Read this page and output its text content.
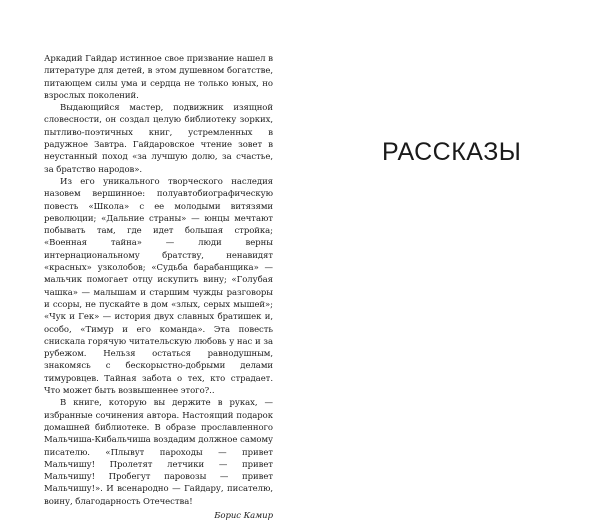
Аркадий Гайдар истинное свое призвание нашел в литературе для детей, в этом душевном богатстве, питающем силы ума и сердца не только юных, но взрослых поколений.

Выдающийся мастер, подвижник изящной словесности, он создал целую библиотеку зорких, пытливо-поэтичных книг, устремленных в радужное Завтра. Гайдаровское чтение зовет в неустанный поход «за лучшую долю, за счастье, за братство народов».

Из его уникального творческого наследия назовем вершинное: полуавтобиографическую повесть «Школа» с ее молодыми витязями революции; «Дальние страны» — юнцы мечтают побывать там, где идет большая стройка; «Военная тайна» — люди верны интернациональному братству, ненавидят «красных» узколобов; «Судьба барабанщика» — мальчик помогает отцу искупить вину; «Голубая чашка» — малышам и старшим чужды разговоры и ссоры, не пускайте в дом «злых, серых мышей»; «Чук и Гек» — история двух славных братишек и, особо, «Тимур и его команда». Эта повесть снискала горячую читательскую любовь у нас и за рубежом. Нельзя остаться равнодушным, знакомясь с бескорыстно-добрыми делами тимуровцев. Тайная забота о тех, кто страдает. Что может быть возвышеннее этого?..

В книге, которую вы держите в руках, — избранные сочинения автора. Настоящий подарок домашней библиотеке. В образе прославленного Мальчиша-Кибальчиша воздадим должное самому писателю. «Плывут пароходы — привет Мальчишу! Пролетят летчики — привет Мальчишу! Пробегут паровозы — привет Мальчишу!». И всенародно — Гайдару, писателю, воину, благодарность Отечества!

Борис Камир

РАССКАЗЫ
